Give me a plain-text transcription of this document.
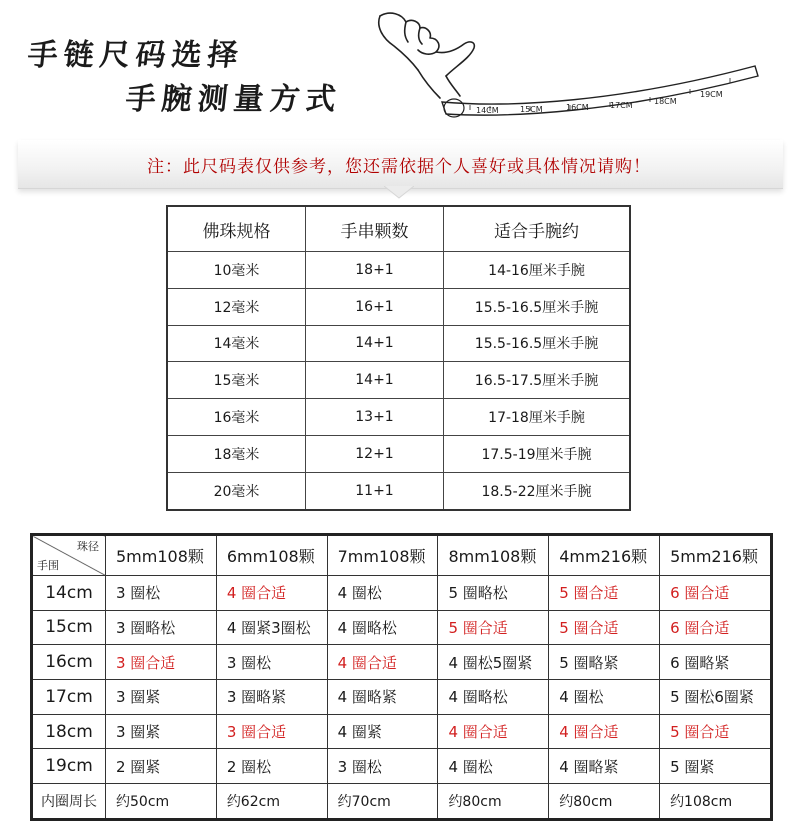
手链尺码选择
手腕测量方式	14CM	15CM	16CM	17CM	18CM
19CM
注：此尺码表仅供参考，您还需依据个人喜好或具体情况请购！
佛珠规格	手串颗数	适合手腕约
10毫米	18+1	14-16厘米手腕
12毫米	16+1	15.5-16.5厘米手腕
14毫米	14+1	15.5-16.5厘米手腕
15毫米	14+1	16.5-17.5厘米手腕
16毫米	13+1	17-18厘米手腕
18毫米	12+1	17.5-19厘米手腕
20毫米	11+1	18.5-22厘米手腕
珠径
手围	5mm108颗	6mm108颗	7mm108颗	8mm108颗	4mm216颗	5mm216颗
14cm	3 圈松	4 圈合适	4 圈松	5 圈略松	5 圈合适	6 圈合适
15cm	3 圈略松	4 圈紧3圈松	4 圈略松	5 圈合适	5 圈合适	6 圈合适
16cm	3 圈合适	3 圈松	4 圈合适	4 圈松5圈紧	5 圈略紧	6 圈略紧
17cm	3 圈紧	3 圈略紧	4 圈略紧	4 圈略松	4 圈松	5 圈松6圈紧
18cm	3 圈紧	3 圈合适	4 圈紧	4 圈合适	4 圈合适	5 圈合适
19cm	2 圈紧	2 圈松	3 圈松	4 圈松	4 圈略紧	5 圈紧
内圈周长	约50cm	约62cm	约70cm	约80cm	约80cm	约108cm
